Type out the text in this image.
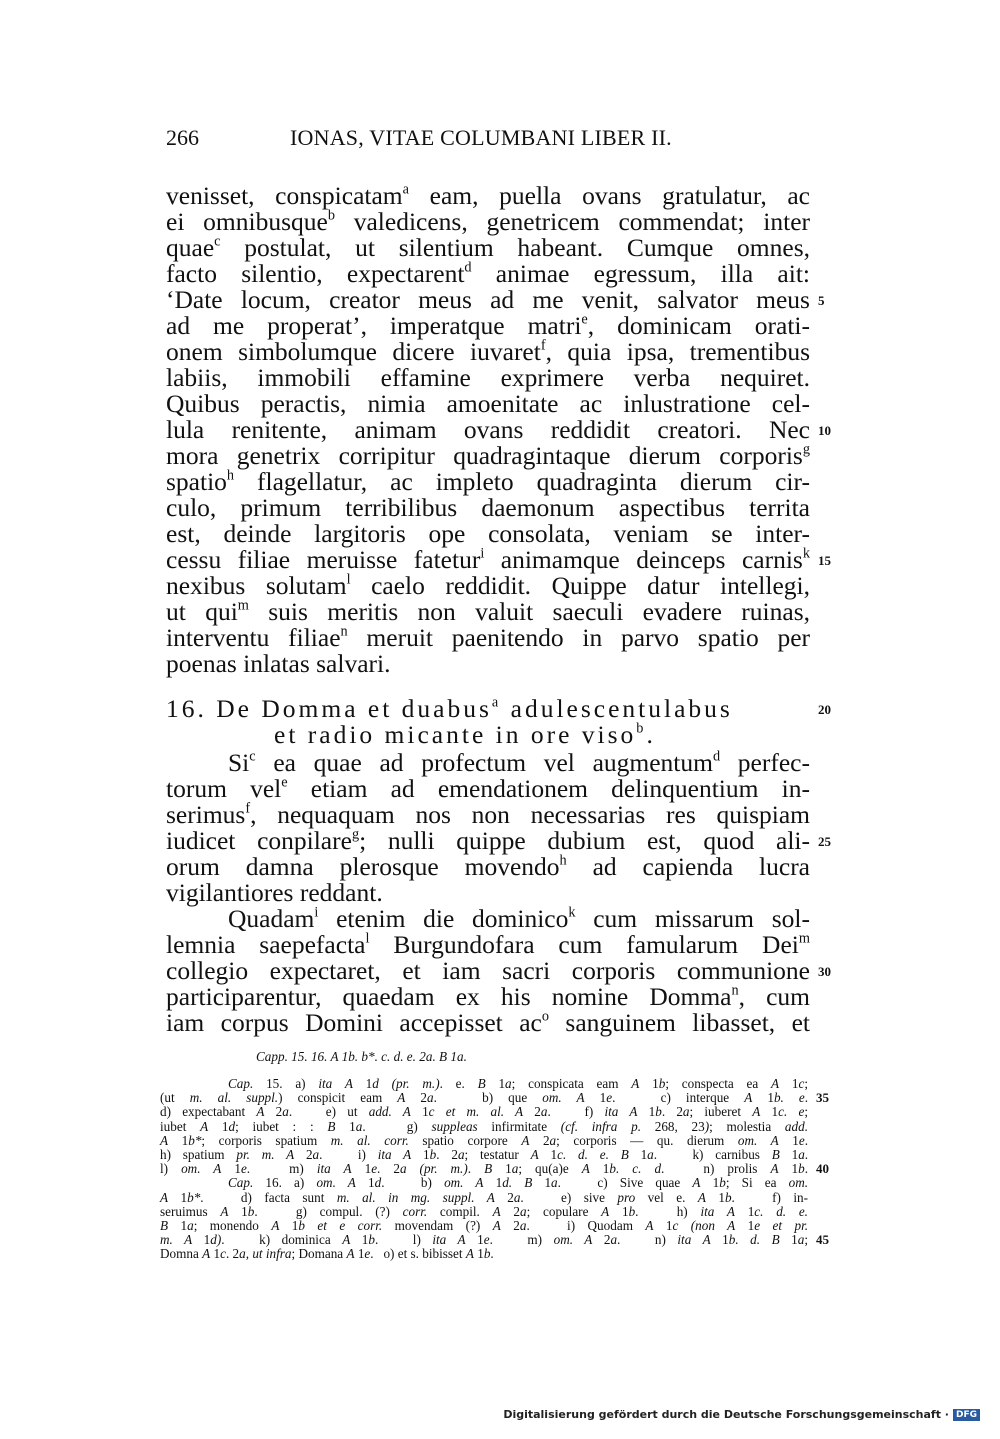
266	IONAS, VITAE COLUMBANI LIBER II.
venisset, conspicatam$^a$ eam, puella ovans gratulatur, ac
ei omnibusque$^b$ valedicens, genetricem commendat; inter
quae$^c$ postulat, ut silentium habeant. Cumque omnes,
facto silentio, expectarent$^d$ animae egressum, illa ait:
‘Date locum, creator meus ad me venit, salvator meus 5
ad me properat’, imperatque matri$^e$, dominicam orati-
onem simbolumque dicere iuvaret$^f$, quia ipsa, trementibus
labiis, immobili effamine exprimere verba nequiret.
Quibus peractis, nimia amoenitate ac inlustratione cel-
lula renitente, animam ovans reddidit creatori. Nec 10
mora genetrix corripitur quadragintaque dierum corporis$^g$
spatio$^h$ flagellatur, ac impleto quadraginta dierum cir-
culo, primum terribilibus daemonum aspectibus territa
est, deinde largitoris ope consolata, veniam se inter-
cessu filiae meruisse fatetur$^i$ animamque deinceps carnis$^k$ 15
nexibus solutam$^l$ caelo reddidit. Quippe datur intellegi,
ut qui$^m$ suis meritis non valuit saeculi evadere ruinas,
interventu filiae$^n$ meruit paenitendo in parvo spatio per
poenas inlatas salvari.
16. De Domma et duabus$^a$ adulescentulabus	20
et radio micante in ore viso$^b$.
Si$^c$ ea quae ad profectum vel augmentum$^d$ perfec-
torum vel$^e$ etiam ad emendationem delinquentium in-
serimus$^f$, nequaquam nos non necessarias res quispiam
iudicet conpilare$^g$; nulli quippe dubium est, quod ali- 25
orum damna plerosque movendo$^h$ ad capienda lucra
vigilantiores reddant.
Quadam$^i$ etenim die dominico$^k$ cum missarum sol-
lemnia saepefacta$^l$ Burgundofara cum famularum Dei$^m$
collegio expectaret, et iam sacri corporis communione 30
participarentur, quaedam ex his nomine Domma$^n$, cum
iam corpus Domini accepisset $ac^o$ sanguinem libasset, et
Capp. 15. 16. A 1b. b*. c. d. e. 2a. B 1a.
Cap. 15. a) ita A 1d (pr. m.). e. B 1a; conspicata eam A 1b; conspecta ea A 1c;
(ut m. al. suppl.) conspicit eam A 2a.   b) que om. A 1e.   c) interque A 1b. e. 35
d) expectabant A 2a.   e) ut add. A 1c et m. al. A 2a.   f) ita A 1b. 2a; iuberet A 1c. e;
iubet A 1d; iubet : : B 1a.   g) suppleas infirmitate (cf. infra p. 268, 23); molestia add.
A 1b*; corporis spatium m. al. corr. spatio corpore A 2a; corporis — qu. dierum om. A 1e.
h) spatium pr. m. A 2a.   i) ita A 1b. 2a; testatur A 1c. d. e. B 1a.   k) carnibus B 1a.
l) om. A 1e.   m) ita A 1e. 2a (pr. m.). B 1a; qu(a)e A 1b. c. d.   n) prolis A 1b. 40
Cap. 16. a) om. A 1d.   b) om. A 1d. B 1a.   c) Sive quae A 1b; Si ea om.
A 1b*.   d) facta sunt m. al. in mg. suppl. A 2a.   e) sive pro vel e. A 1b.   f) in-
seruimus A 1b.   g) compul. (?) corr. compil. A 2a; copulare A 1b.   h) ita A 1c. d. e.
B 1a; monendo A 1b et e corr. movendam (?) A 2a.   i) Quodam A 1c (non A 1e et pr.
m. A 1d).   k) dominica A 1b.   l) ita A 1e.   m) om. A 2a.   n) ita A 1b. d. B 1a; 45
Domna A 1c. 2a, ut infra; Domana A 1e.   o) et s. bibisset A 1b.
Digitalisierung gefördert durch die Deutsche Forschungsgemeinschaft · DFG
